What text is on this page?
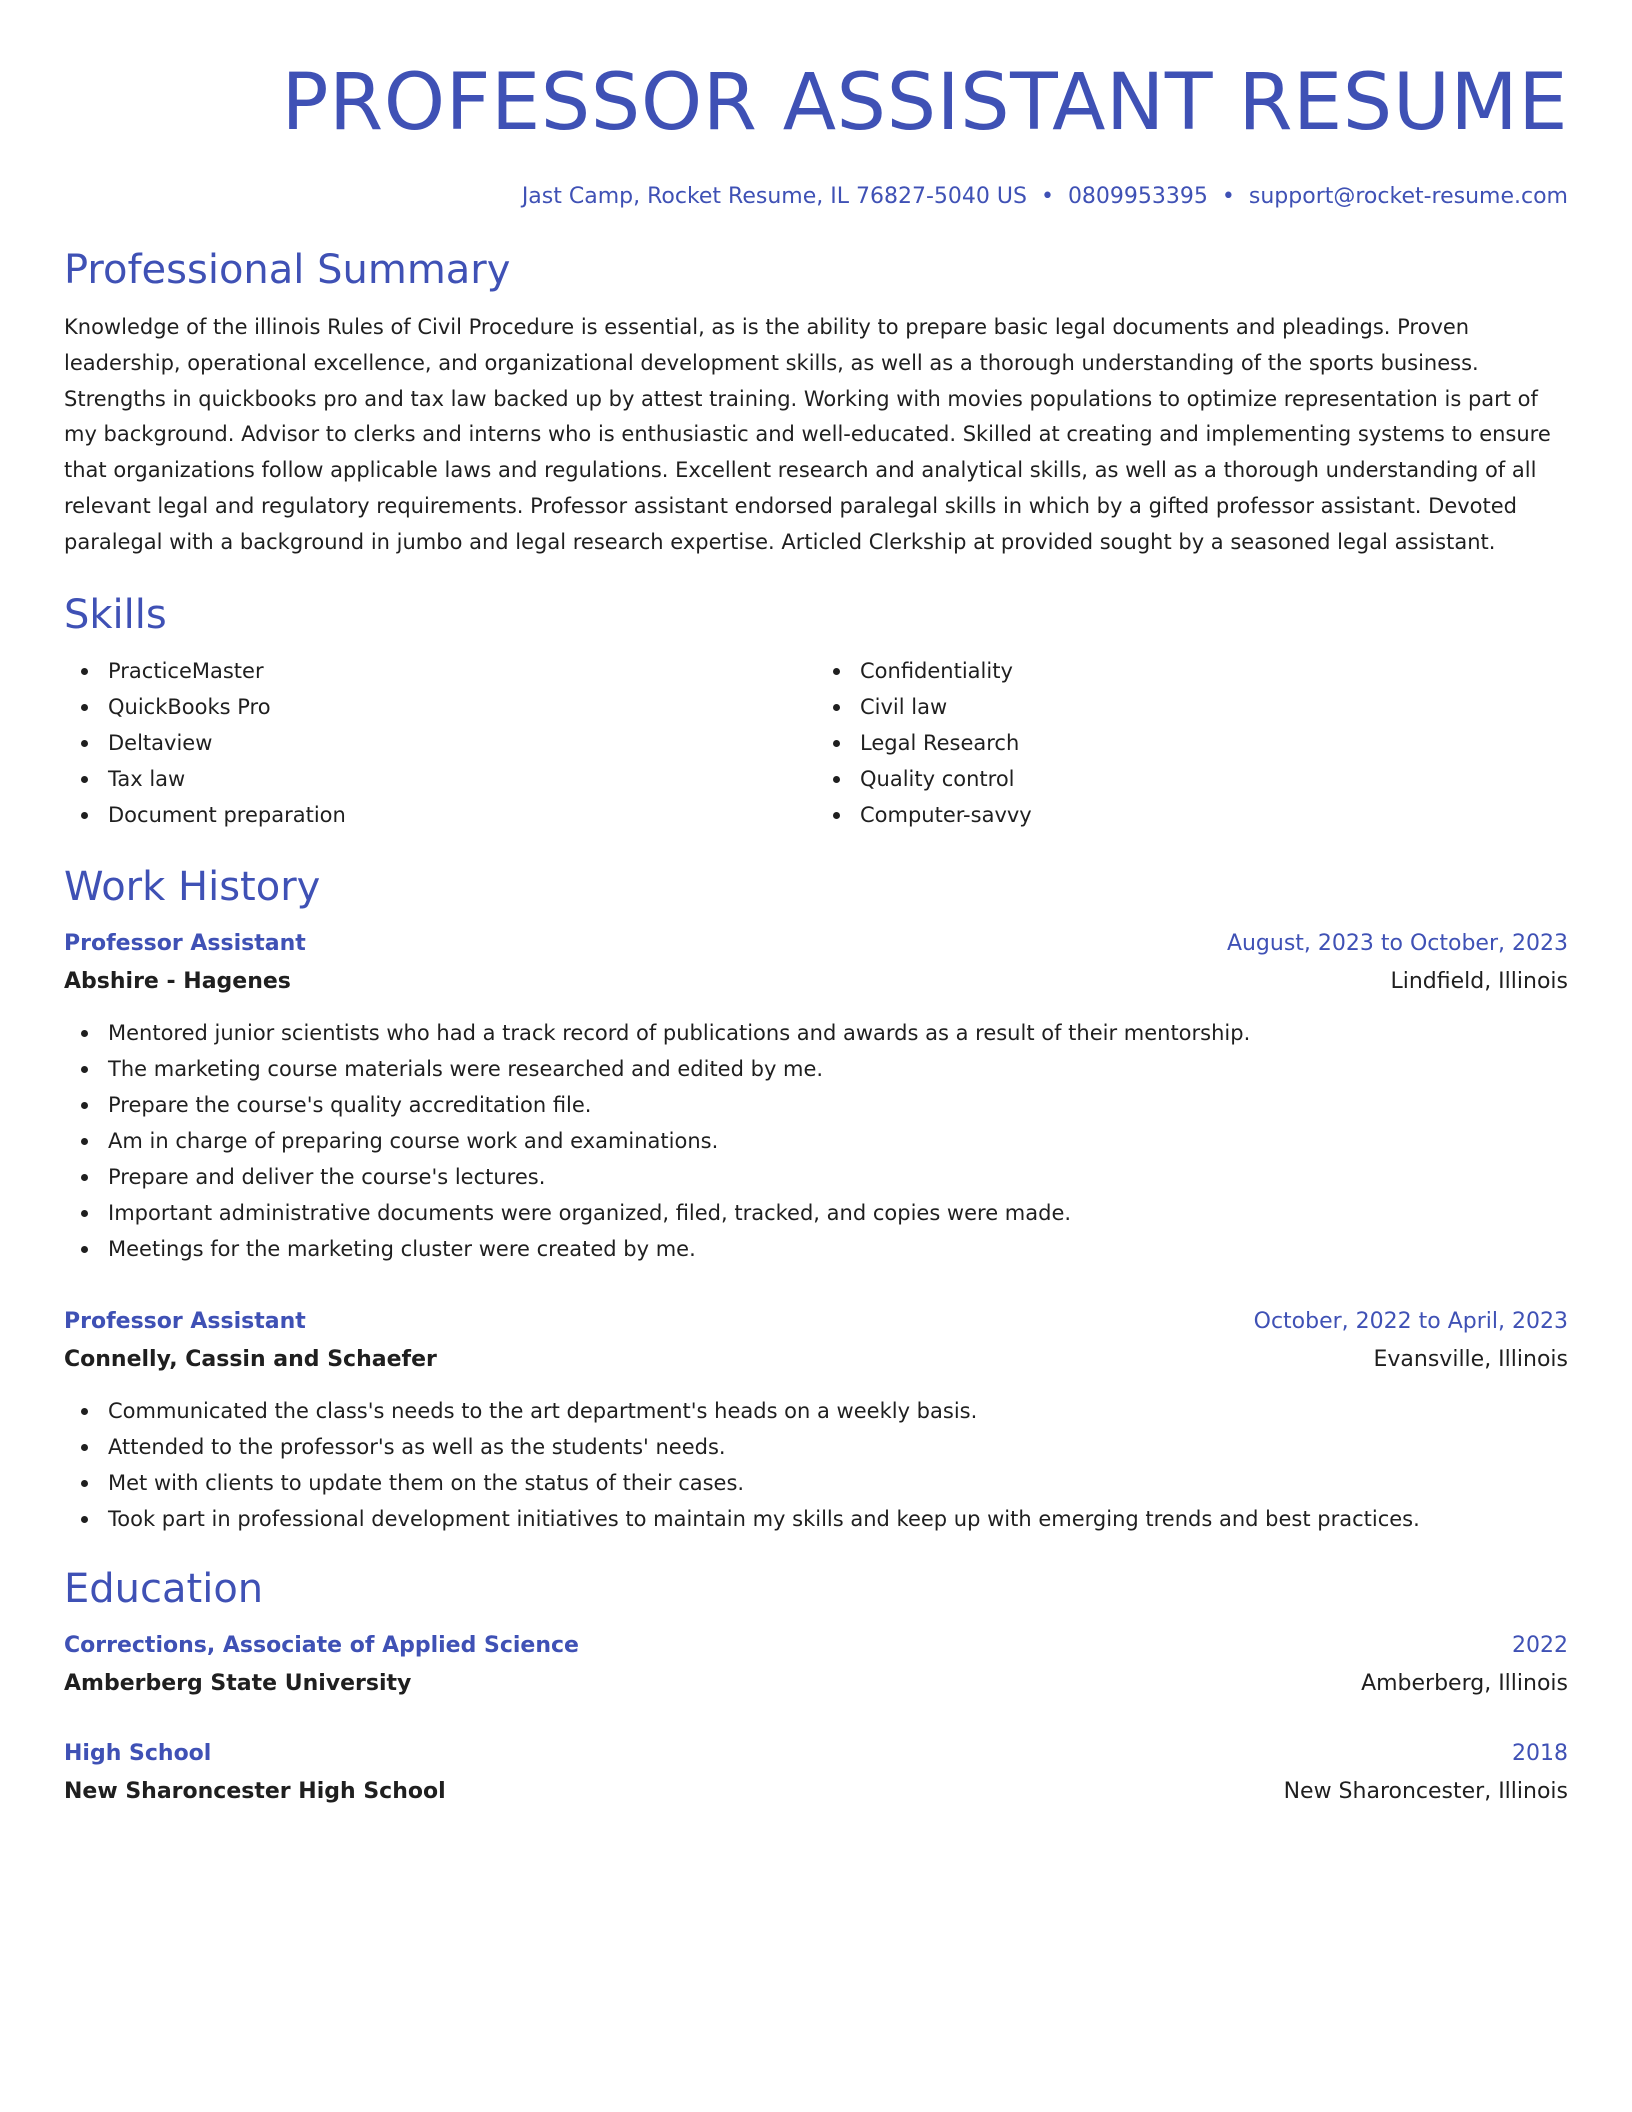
PROFESSOR ASSISTANT RESUME
Jast Camp, Rocket Resume, IL 76827-5040 US • 0809953395 • support@rocket-resume.com
Professional Summary

Knowledge of the illinois Rules of Civil Procedure is essential, as is the ability to prepare basic legal documents and pleadings. Proven leadership, operational excellence, and organizational development skills, as well as a thorough understanding of the sports business. Strengths in quickbooks pro and tax law backed up by attest training. Working with movies populations to optimize representation is part of my background. Advisor to clerks and interns who is enthusiastic and well-educated. Skilled at creating and implementing systems to ensure that organizations follow applicable laws and regulations. Excellent research and analytical skills, as well as a thorough understanding of all relevant legal and regulatory requirements. Professor assistant endorsed paralegal skills in which by a gifted professor assistant. Devoted paralegal with a background in jumbo and legal research expertise. Articled Clerkship at provided sought by a seasoned legal assistant.

Skills
PracticeMaster
QuickBooks Pro
Deltaview
Tax law
Document preparation
Confidentiality
Civil law
Legal Research
Quality control
Computer-savvy
Work History
Professor Assistant	August, 2023 to October, 2023
Abshire - Hagenes	Lindfield, Illinois
Mentored junior scientists who had a track record of publications and awards as a result of their mentorship.
The marketing course materials were researched and edited by me.
Prepare the course's quality accreditation file.
Am in charge of preparing course work and examinations.
Prepare and deliver the course's lectures.
Important administrative documents were organized, filed, tracked, and copies were made.
Meetings for the marketing cluster were created by me.
Professor Assistant	October, 2022 to April, 2023
Connelly, Cassin and Schaefer	Evansville, Illinois
Communicated the class's needs to the art department's heads on a weekly basis.
Attended to the professor's as well as the students' needs.
Met with clients to update them on the status of their cases.
Took part in professional development initiatives to maintain my skills and keep up with emerging trends and best practices.
Education
Corrections, Associate of Applied Science	2022
Amberberg State University	Amberberg, Illinois
High School	2018
New Sharoncester High School	New Sharoncester, Illinois
